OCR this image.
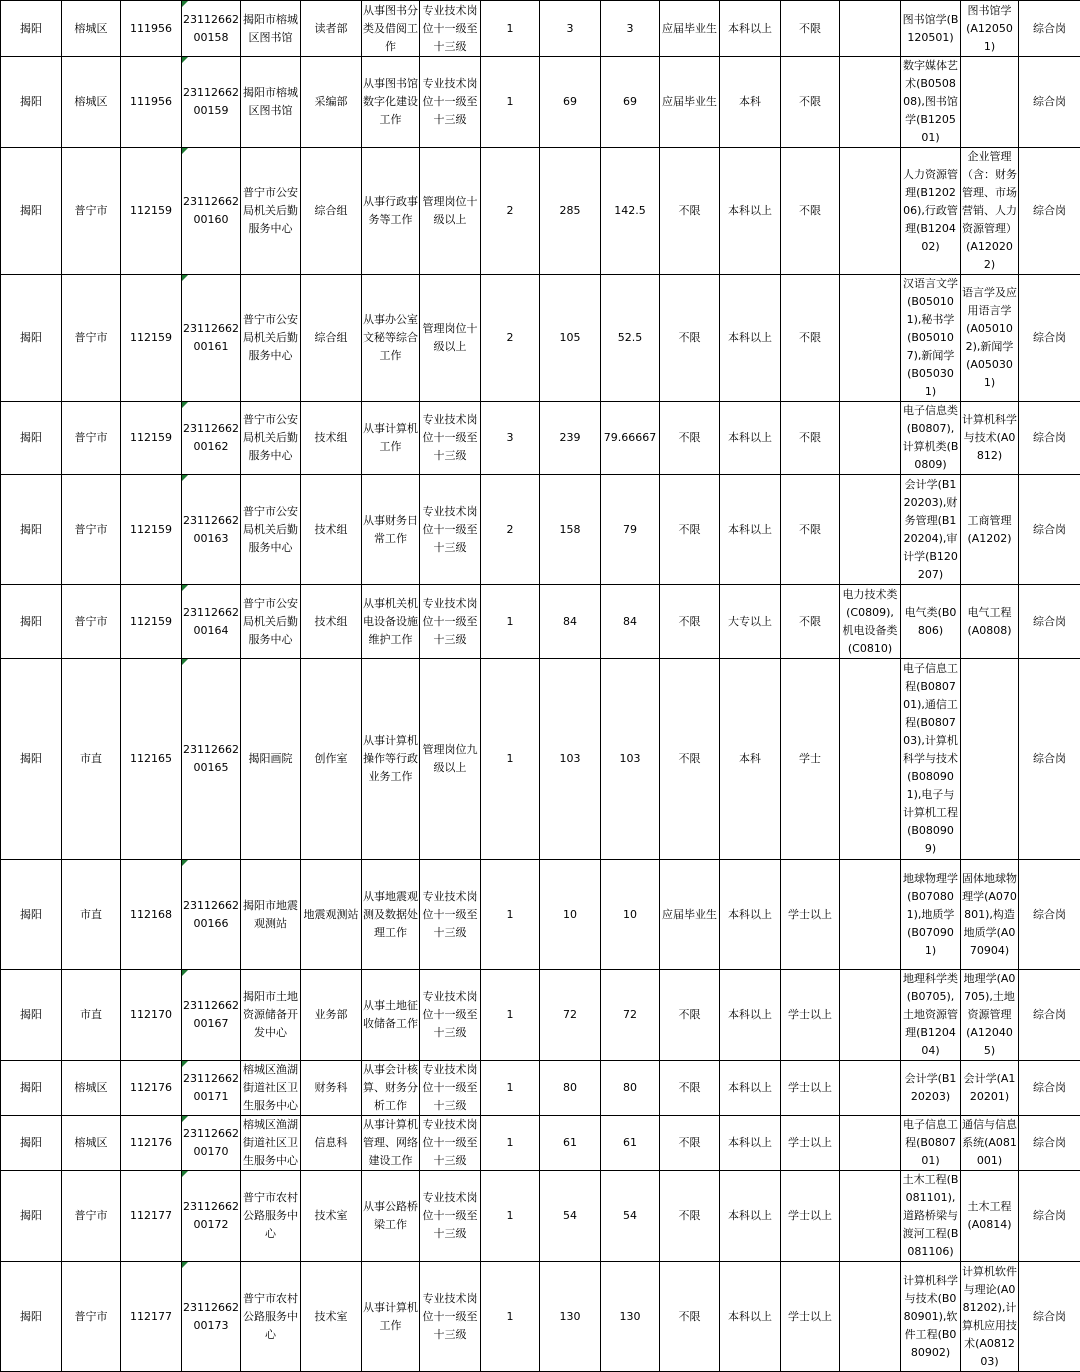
揭阳	榕城区	111956	2311266200158	揭阳市榕城区图书馆	读者部	从事图书分类及借阅工作	专业技术岗位十一级至十三级	1	3	3	应届毕业生	本科以上	不限		图书馆学(B120501)	图书馆学(A120501)	综合岗
揭阳	榕城区	111956	2311266200159	揭阳市榕城区图书馆	采编部	从事图书馆数字化建设工作	专业技术岗位十一级至十三级	1	69	69	应届毕业生	本科	不限		数字媒体艺术(B050808),图书馆学(B120501)		综合岗
揭阳	普宁市	112159	2311266200160	普宁市公安局机关后勤服务中心	综合组	从事行政事务等工作	管理岗位十级以上	2	285	142.5	不限	本科以上	不限		人力资源管理(B120206),行政管理(B120402)	企业管理（含：财务管理、市场营销、人力资源管理）(A120202)	综合岗
揭阳	普宁市	112159	2311266200161	普宁市公安局机关后勤服务中心	综合组	从事办公室文秘等综合工作	管理岗位十级以上	2	105	52.5	不限	本科以上	不限		汉语言文学(B050101),秘书学(B050107),新闻学(B050301)	语言学及应用语言学(A050102),新闻学(A050301)	综合岗
揭阳	普宁市	112159	2311266200162	普宁市公安局机关后勤服务中心	技术组	从事计算机工作	专业技术岗位十一级至十三级	3	239	79.66667	不限	本科以上	不限		电子信息类(B0807),计算机类(B0809)	计算机科学与技术(A0812)	综合岗
揭阳	普宁市	112159	2311266200163	普宁市公安局机关后勤服务中心	技术组	从事财务日常工作	专业技术岗位十一级至十三级	2	158	79	不限	本科以上	不限		会计学(B120203),财务管理(B120204),审计学(B120207)	工商管理(A1202)	综合岗
揭阳	普宁市	112159	2311266200164	普宁市公安局机关后勤服务中心	技术组	从事机关机电设备设施维护工作	专业技术岗位十一级至十三级	1	84	84	不限	大专以上	不限	电力技术类(C0809),机电设备类(C0810)	电气类(B0806)	电气工程(A0808)	综合岗
揭阳	市直	112165	2311266200165	揭阳画院	创作室	从事计算机操作等行政业务工作	管理岗位九级以上	1	103	103	不限	本科	学士		电子信息工程(B080701),通信工程(B080703),计算机科学与技术(B080901),电子与计算机工程(B080909)		综合岗
揭阳	市直	112168	2311266200166	揭阳市地震观测站	地震观测站	从事地震观测及数据处理工作	专业技术岗位十一级至十三级	1	10	10	应届毕业生	本科以上	学士以上		地球物理学(B070801),地质学(B070901)	固体地球物理学(A070801),构造地质学(A070904)	综合岗
揭阳	市直	112170	2311266200167	揭阳市土地资源储备开发中心	业务部	从事土地征收储备工作	专业技术岗位十一级至十三级	1	72	72	不限	本科以上	学士以上		地理科学类(B0705),土地资源管理(B120404)	地理学(A0705),土地资源管理(A120405)	综合岗
揭阳	榕城区	112176	2311266200171	榕城区渔湖街道社区卫生服务中心	财务科	从事会计核算、财务分析工作	专业技术岗位十一级至十三级	1	80	80	不限	本科以上	学士以上		会计学(B120203)	会计学(A120201)	综合岗
揭阳	榕城区	112176	2311266200170	榕城区渔湖街道社区卫生服务中心	信息科	从事计算机管理、网络建设工作	专业技术岗位十一级至十三级	1	61	61	不限	本科以上	学士以上		电子信息工程(B080701)	通信与信息系统(A081001)	综合岗
揭阳	普宁市	112177	2311266200172	普宁市农村公路服务中心	技术室	从事公路桥梁工作	专业技术岗位十一级至十三级	1	54	54	不限	本科以上	学士以上		土木工程(B081101),道路桥梁与渡河工程(B081106)	土木工程(A0814)	综合岗
揭阳	普宁市	112177	2311266200173	普宁市农村公路服务中心	技术室	从事计算机工作	专业技术岗位十一级至十三级	1	130	130	不限	本科以上	学士以上		计算机科学与技术(B080901),软件工程(B080902)	计算机软件与理论(A081202),计算机应用技术(A081203)	综合岗
